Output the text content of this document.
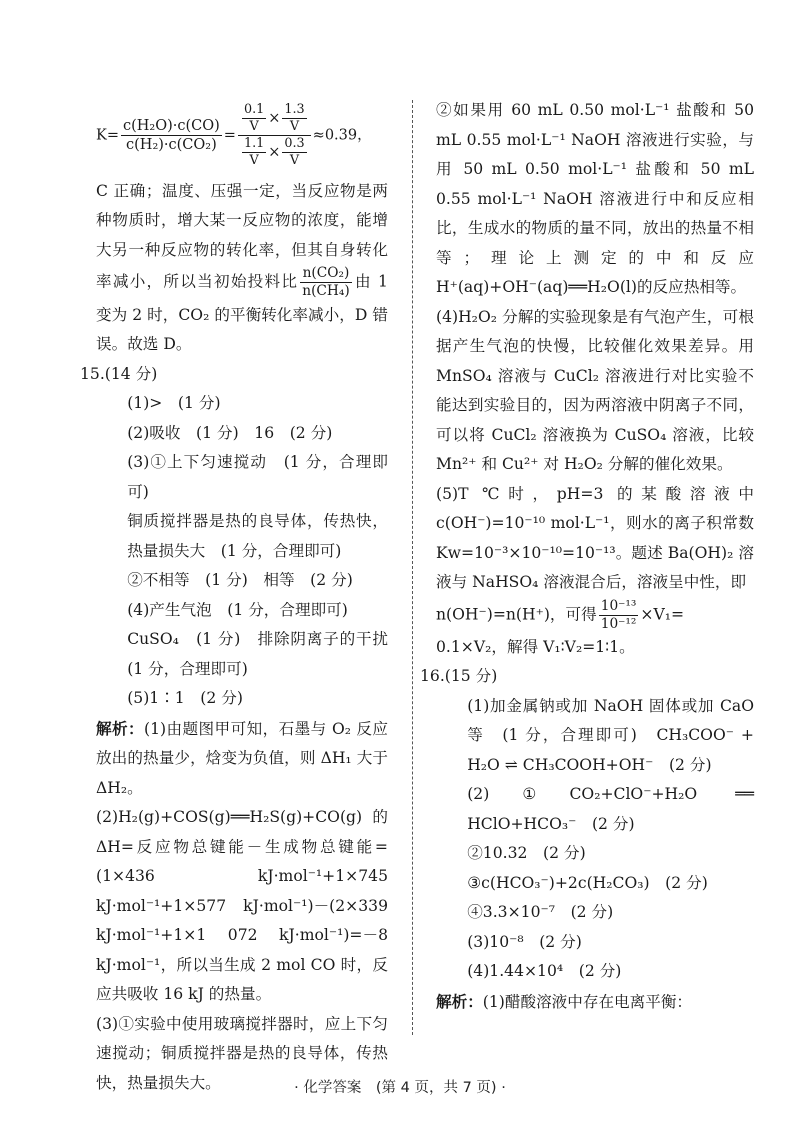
$K= \frac{\text{c(H₂O)·c(CO)}}{\text{c(H₂)·c(CO₂)}} = \frac{\frac{0.1}{V} \times \frac{1.3}{V}}{\frac{1.1}{V} \times \frac{0.3}{V}} \approx 0.39$，

C 正确；温度、压强一定，当反应物是两种物质时，增大某一反应物的浓度，能增大另一种反应物的转化率，但其自身转化率减小，所以当初始投料比 $\frac{\text{n(CO₂)}}{\text{n(CH₄)}}$ 由 1 变为 2 时，CO₂ 的平衡转化率减小，D 错误。故选 D。

15.(14 分)

(1)>　(1 分)

(2)吸收　(1 分)　16　(2 分)

(3)①上下匀速搅动　(1 分，合理即可)

铜质搅拌器是热的良导体，传热快，热量损失大　(1 分，合理即可)

②不相等　(1 分)　相等　(2 分)

(4)产生气泡　(1 分，合理即可)

CuSO₄　(1 分)　排除阴离子的干扰　(1 分，合理即可)

(5)1∶1　(2 分)

解析：(1)由题图甲可知，石墨与 O₂ 反应放出的热量少，焓变为负值，则 ΔH₁ 大于 ΔH₂。

(2)H₂(g)+COS(g)══H₂S(g)+CO(g)的 ΔH=反应物总键能－生成物总键能=(1×436 kJ·mol⁻¹+1×745 kJ·mol⁻¹+1×577 kJ·mol⁻¹)－(2×339 kJ·mol⁻¹+1×1 072 kJ·mol⁻¹)=－8 kJ·mol⁻¹，所以当生成 2 mol CO 时，反应共吸收 16 kJ 的热量。

(3)①实验中使用玻璃搅拌器时，应上下匀速搅动；铜质搅拌器是热的良导体，传热快，热量损失大。

②如果用 60 mL 0.50 mol·L⁻¹ 盐酸和 50 mL 0.55 mol·L⁻¹ NaOH 溶液进行实验，与用 50 mL 0.50 mol·L⁻¹ 盐酸和 50 mL 0.55 mol·L⁻¹ NaOH 溶液进行中和反应相比，生成水的物质的量不同，放出的热量不相等；理论上测定的中和反应 H⁺(aq)+OH⁻(aq)══H₂O(l)的反应热相等。

(4)H₂O₂ 分解的实验现象是有气泡产生，可根据产生气泡的快慢，比较催化效果差异。用 MnSO₄ 溶液与 CuCl₂ 溶液进行对比实验不能达到实验目的，因为两溶液中阴离子不同，可以将 CuCl₂ 溶液换为 CuSO₄ 溶液，比较 Mn²⁺ 和 Cu²⁺ 对 H₂O₂ 分解的催化效果。

(5)T ℃时，pH=3 的某酸溶液中 c(OH⁻)=10⁻¹⁰ mol·L⁻¹，则水的离子积常数 Kw=10⁻³×10⁻¹⁰=10⁻¹³。题述 Ba(OH)₂ 溶液与 NaHSO₄ 溶液混合后，溶液呈中性，即

n(OH⁻)=n(H⁺)，可得 $\frac{\text{10⁻¹³}}{\text{10⁻¹²}} \times V_1=$

0.1×V₂，解得 V₁∶V₂=1∶1。

16.(15 分)

(1)加金属钠或加 NaOH 固体或加 CaO 等　(1 分，合理即可)　CH₃COO⁻ + H₂O ⇌ CH₃COOH+OH⁻　(2 分)

(2)①CO₂+ClO⁻+H₂O ══ HClO+HCO₃⁻　(2 分)

②10.32　(2 分)

③c(HCO₃⁻)+2c(H₂CO₃)　(2 分)

④3.3×10⁻⁷　(2 分)

(3)10⁻⁸　(2 分)

(4)1.44×10⁴　(2 分)

解析：(1)醋酸溶液中存在电离平衡：

· 化学答案　(第 4 页，共 7 页) ·
